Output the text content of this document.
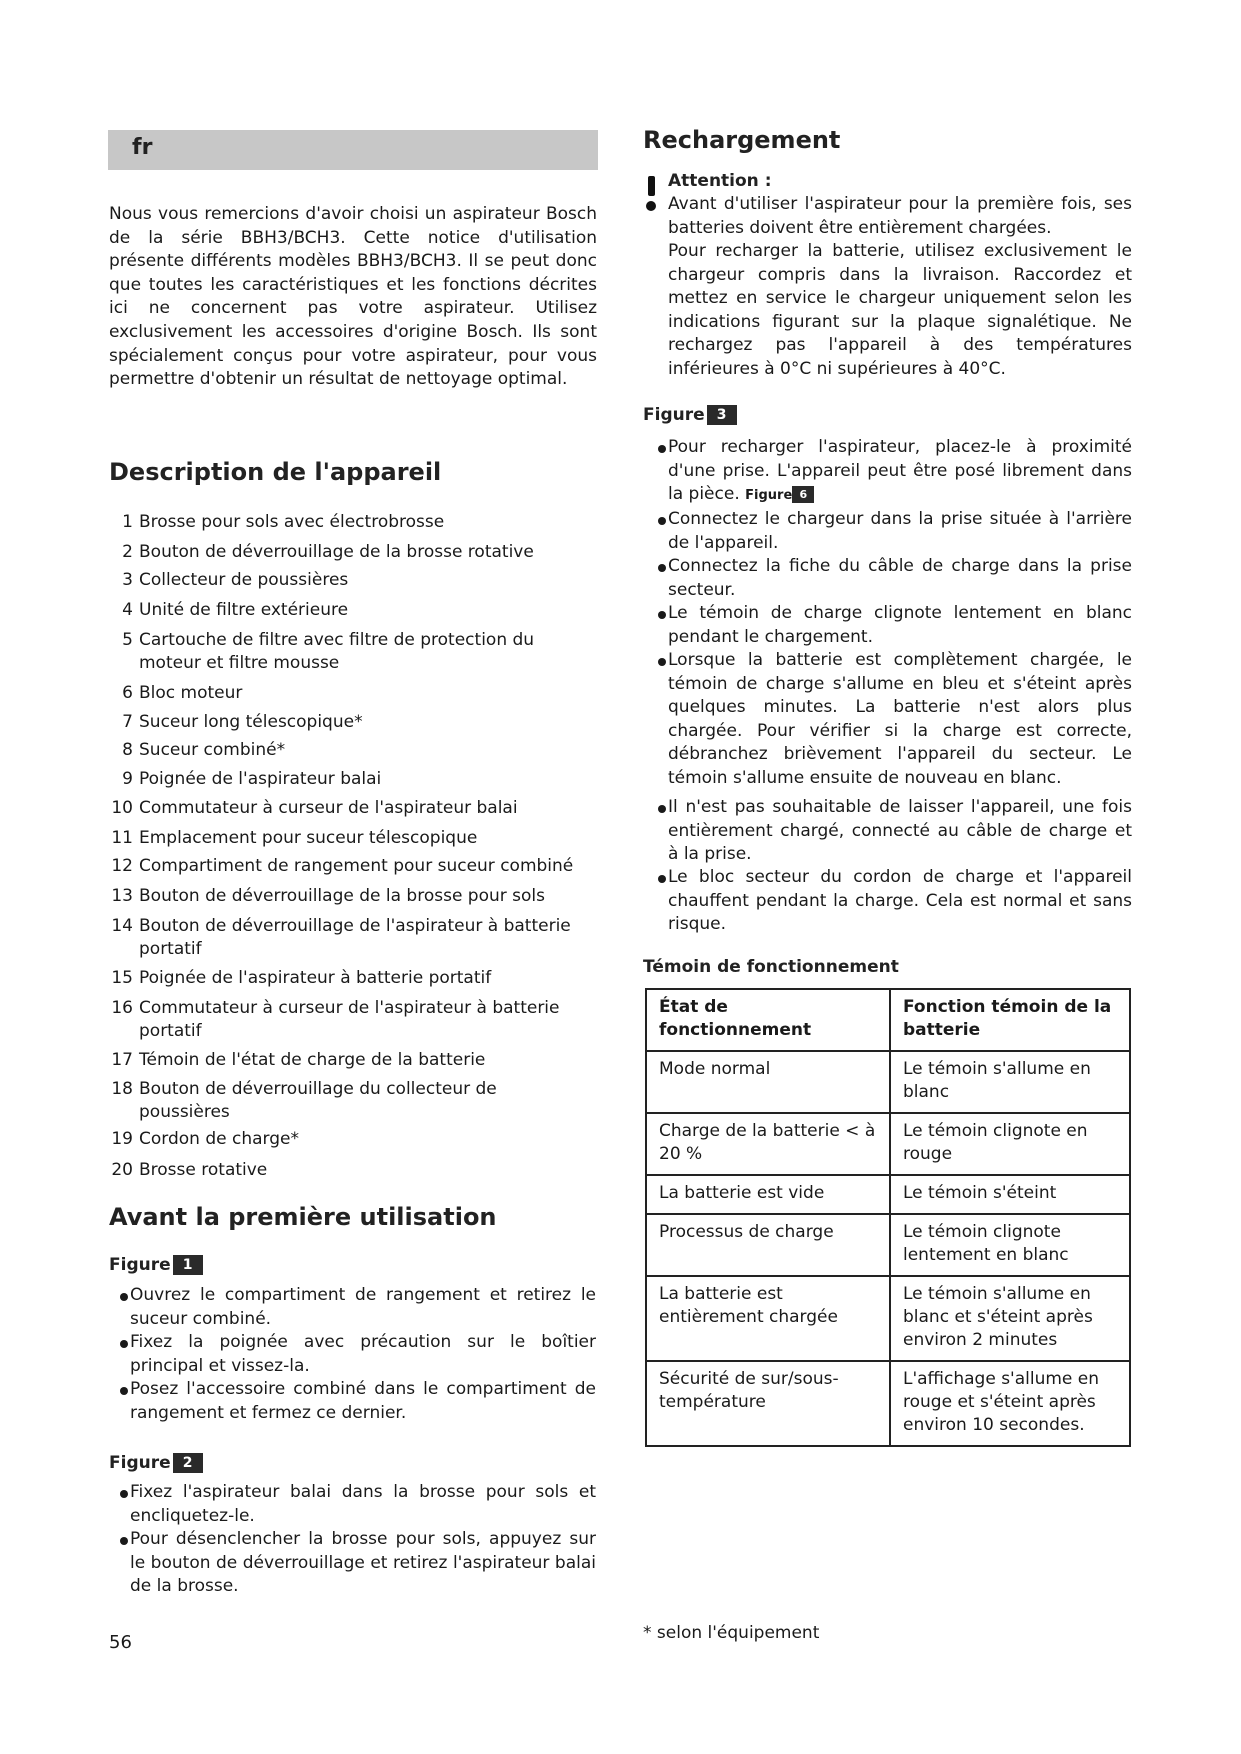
fr
Nous vous remercions d'avoir choisi un aspirateur Bosch de la série BBH3/BCH3. Cette notice d'utilisation présente différents modèles BBH3/BCH3. Il se peut donc que toutes les caractéristiques et les fonctions décrites ici ne concernent pas votre aspirateur. Utilisez exclusivement les accessoires d'origine Bosch. Ils sont spécialement conçus pour votre aspirateur, pour vous permettre d'obtenir un résultat de nettoyage optimal.
Description de l'appareil
1 Brosse pour sols avec électrobrosse
2 Bouton de déverrouillage de la brosse rotative
3 Collecteur de poussières
4 Unité de filtre extérieure
5 Cartouche de filtre avec filtre de protection du moteur et filtre mousse
6 Bloc moteur
7 Suceur long télescopique*
8 Suceur combiné*
9 Poignée de l'aspirateur balai
10 Commutateur à curseur de l'aspirateur balai
11 Emplacement pour suceur télescopique
12 Compartiment de rangement pour suceur combiné
13 Bouton de déverrouillage de la brosse pour sols
14 Bouton de déverrouillage de l'aspirateur à batterie portatif
15 Poignée de l'aspirateur à batterie portatif
16 Commutateur à curseur de l'aspirateur à batterie portatif
17 Témoin de l'état de charge de la batterie
18 Bouton de déverrouillage du collecteur de poussières
19 Cordon de charge*
20 Brosse rotative
Avant la première utilisation
Figure 1
Ouvrez le compartiment de rangement et retirez le suceur combiné.
Fixez la poignée avec précaution sur le boîtier principal et vissez-la.
Posez l'accessoire combiné dans le compartiment de rangement et fermez ce dernier.
Figure 2
Fixez l'aspirateur balai dans la brosse pour sols et encliquetez-le.
Pour désenclencher la brosse pour sols, appuyez sur le bouton de déverrouillage et retirez l'aspirateur balai de la brosse.
56
Rechargement
Attention :
Avant d'utiliser l'aspirateur pour la première fois, ses batteries doivent être entièrement chargées.
Pour recharger la batterie, utilisez exclusivement le chargeur compris dans la livraison. Raccordez et mettez en service le chargeur uniquement selon les indications figurant sur la plaque signalétique. Ne rechargez pas l'appareil à des températures inférieures à 0°C ni supérieures à 40°C.
Figure 3
Pour recharger l'aspirateur, placez-le à proximité d'une prise. L'appareil peut être posé librement dans la pièce. Figure 6
Connectez le chargeur dans la prise située à l'arrière de l'appareil.
Connectez la fiche du câble de charge dans la prise secteur.
Le témoin de charge clignote lentement en blanc pendant le chargement.
Lorsque la batterie est complètement chargée, le témoin de charge s'allume en bleu et s'éteint après quelques minutes. La batterie n'est alors plus chargée. Pour vérifier si la charge est correcte, débranchez brièvement l'appareil du secteur. Le témoin s'allume ensuite de nouveau en blanc.
Il n'est pas souhaitable de laisser l'appareil, une fois entièrement chargé, connecté au câble de charge et à la prise.
Le bloc secteur du cordon de charge et l'appareil chauffent pendant la charge. Cela est normal et sans risque.
Témoin de fonctionnement
État de fonctionnement	Fonction témoin de la batterie
Mode normal	Le témoin s'allume en blanc
Charge de la batterie < à 20 %	Le témoin clignote en rouge
La batterie est vide	Le témoin s'éteint
Processus de charge	Le témoin clignote lentement en blanc
La batterie est entièrement chargée	Le témoin s'allume en blanc et s'éteint après environ 2 minutes
Sécurité de sur/sous-température	L'affichage s'allume en rouge et s'éteint après environ 10 secondes.
* selon l'équipement
